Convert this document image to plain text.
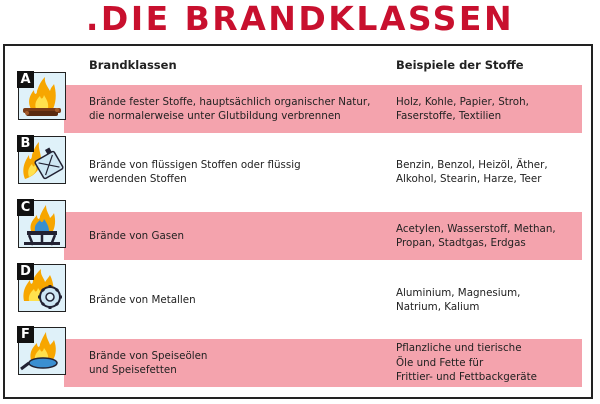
.DIE BRANDKLASSEN
Brandklassen	Beispiele der Stoffe
A
Brände fester Stoffe, hauptsächlich organischer Natur,
die normalerweise unter Glutbildung verbrennen
Holz, Kohle, Papier, Stroh,
Faserstoffe, Textilien
B
Brände von flüssigen Stoffen oder flüssig
werdenden Stoffen
Benzin, Benzol, Heizöl, Äther,
Alkohol, Stearin, Harze, Teer
C
Brände von Gasen
Acetylen, Wasserstoff, Methan,
Propan, Stadtgas, Erdgas
D
Brände von Metallen
Aluminium, Magnesium,
Natrium, Kalium
F
Brände von Speiseölen
und Speisefetten
Pflanzliche und tierische
Öle und Fette für
Frittier- und Fettbackgeräte
